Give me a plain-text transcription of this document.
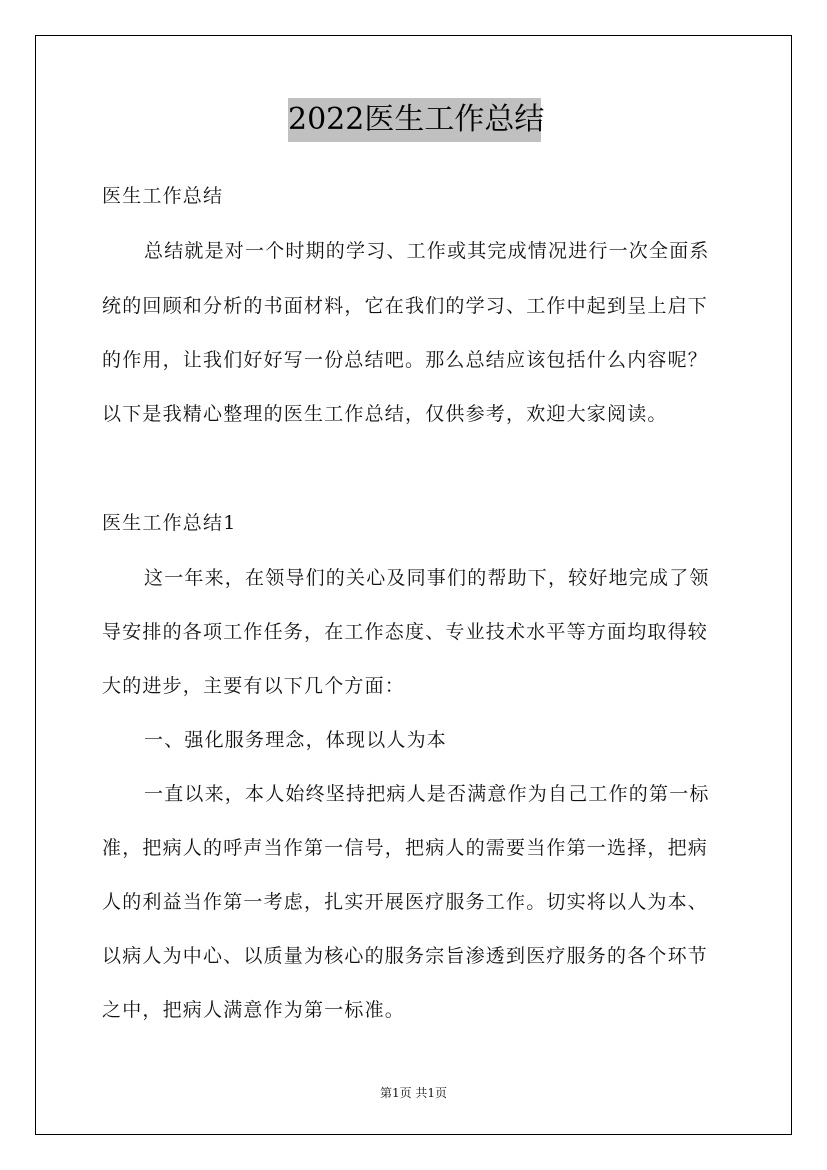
2022医生工作总结
医生工作总结
总结就是对一个时期的学习、工作或其完成情况进行一次全面系
统的回顾和分析的书面材料，它在我们的学习、工作中起到呈上启下
的作用，让我们好好写一份总结吧。那么总结应该包括什么内容呢？
以下是我精心整理的医生工作总结，仅供参考，欢迎大家阅读。
医生工作总结1
这一年来，在领导们的关心及同事们的帮助下，较好地完成了领
导安排的各项工作任务，在工作态度、专业技术水平等方面均取得较
大的进步，主要有以下几个方面：
一、强化服务理念，体现以人为本
一直以来，本人始终坚持把病人是否满意作为自己工作的第一标
准，把病人的呼声当作第一信号，把病人的需要当作第一选择，把病
人的利益当作第一考虑，扎实开展医疗服务工作。切实将以人为本、
以病人为中心、以质量为核心的服务宗旨渗透到医疗服务的各个环节
之中，把病人满意作为第一标准。
第1页 共1页
